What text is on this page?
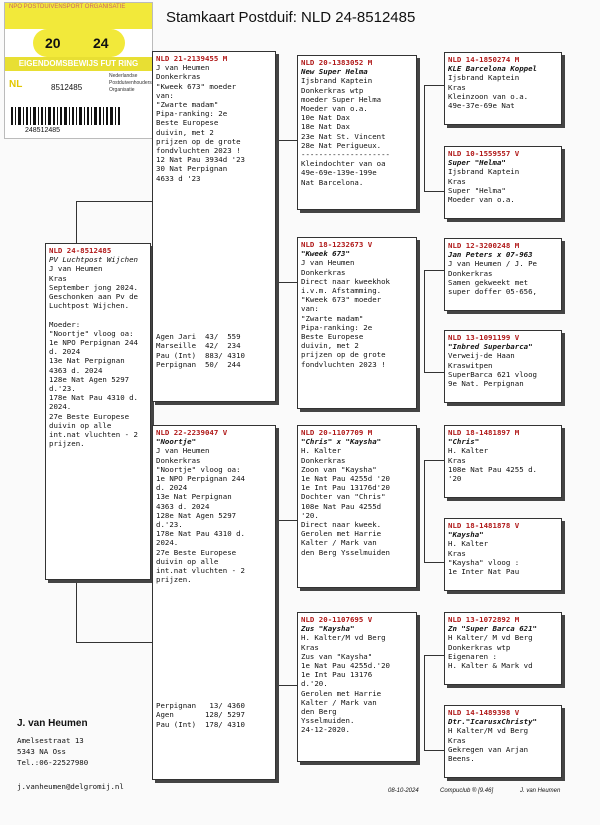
NPO POSTDUIVENSPORT ORGANISATIE
20 24
EIGENDOMSBEWIJS FUT RING
NL	8512485
Nederlandse
Postduivenhouders
Organisatie
248512485
Stamkaart Postduif: NLD 24-8512485
NLD 24-8512485
PV Luchtpost Wijchen
J van Heumen
Kras
September jong 2024.
Geschonken aan Pv de
Luchtpost Wijchen.

Moeder:
"Noortje" vloog oa:
1e NPO Perpignan 244
d. 2024
13e Nat Perpignan
4363 d. 2024
128e Nat Agen 5297
d.'23.
178e Nat Pau 4310 d.
2024.
27e Beste Europese
duivin op alle
int.nat vluchten - 2
prijzen.
NLD 21-2139455 M
J van Heumen
Donkerkras
"Kweek 673" moeder
van:
"Zwarte madam"
Pipa-ranking: 2e
Beste Europese
duivin, met 2
prijzen op de grote
fondvluchten 2023 !
12 Nat Pau 3934d '23
30 Nat Perpignan
4633 d '23
Agen Jari  43/  559
Marseille  42/  234
Pau (Int)  883/ 4310
Perpignan  50/  244
NLD 22-2239047 V
"Noortje"
J van Heumen
Donkerkras
"Noortje" vloog oa:
1e NPO Perpignan 244
d. 2024
13e Nat Perpignan
4363 d. 2024
128e Nat Agen 5297
d.'23.
178e Nat Pau 4310 d.
2024.
27e Beste Europese
duivin op alle
int.nat vluchten - 2
prijzen.
Perpignan   13/ 4360
Agen       128/ 5297
Pau (Int)  178/ 4310
NLD 20-1383052 M
New Super Helma
Ijsbrand Kaptein
Donkerkras wtp
moeder Super Helma
Moeder van o.a.
10e Nat Dax
18e Nat Dax
23e Nat St. Vincent
28e Nat Perigueux.
--------------------
Kleindochter van oa
49e-69e-139e-199e
Nat Barcelona.
NLD 18-1232673 V
"Kweek 673"
J van Heumen
Donkerkras
Direct naar kweekhok
i.v.m. Afstamming.
"Kweek 673" moeder
van:
"Zwarte madam"
Pipa-ranking: 2e
Beste Europese
duivin, met 2
prijzen op de grote
fondvluchten 2023 !
NLD 20-1107709 M
"Chris" x "Kaysha"
H. Kalter
Donkerkras
Zoon van "Kaysha"
1e Nat Pau 4255d '20
1e Int Pau 13176d'20
Dochter van "Chris"
108e Nat Pau 4255d
'20.
Direct naar kweek.
Gerolen met Harrie
Kalter / Mark van
den Berg Ysselmuiden
NLD 20-1107695 V
Zus "Kaysha"
H. Kalter/M vd Berg
Kras
Zus van "Kaysha"
1e Nat Pau 4255d.'20
1e Int Pau 13176
d.'20.
Gerolen met Harrie
Kalter / Mark van
den Berg
Ysselmuiden.
24-12-2020.
NLD 14-1850274 M
KLE Barcelona Koppel
Ijsbrand Kaptein
Kras
Kleinzoon van o.a.
49e-37e-69e Nat
NLD 10-1559557 V
Super "Helma"
Ijsbrand Kaptein
Kras
Super "Helma"
Moeder van o.a.
NLD 12-3200248 M
Jan Peters x 07-963
J van Heumen / J. Pe
Donkerkras
Samen gekweekt met
super doffer 05-656,
NLD 13-1091199 V
"Inbred Superbarca"
Verweij-de Haan
Kraswitpen
SuperBarca 621 vloog
9e Nat. Perpignan
NLD 18-1481897 M
"Chris"
H. Kalter
Kras
108e Nat Pau 4255 d.
'20
NLD 18-1481878 V
"Kaysha"
H. Kalter
Kras
"Kaysha" vloog :
1e Inter Nat Pau
NLD 13-1072892 M
Zn "Super Barca 621"
H Kalter/ M vd Berg
Donkerkras wtp
Eigenaren :
H. Kalter & Mark vd
NLD 14-1489398 V
Dtr."IcarusxChristy"
H Kalter/M vd Berg
Kras
Gekregen van Arjan
Beens.
J. van Heumen
Amelsestraat 13
5343 NA Oss
Tel.:06-22527980
j.vanheumen@delgromij.nl	08-10-2024	Compuclub ® [9.46]	J. van Heumen
